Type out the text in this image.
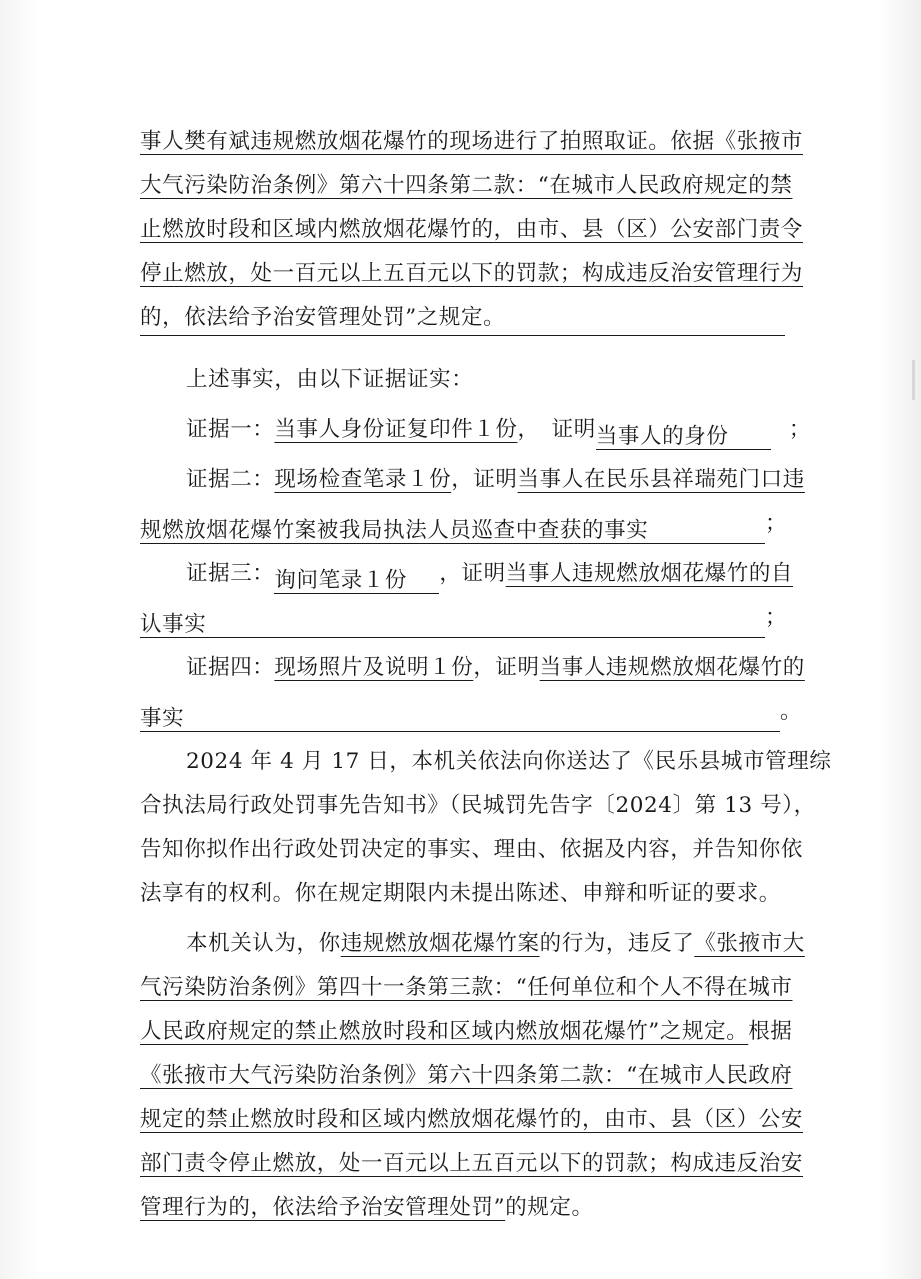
事人樊有斌违规燃放烟花爆竹的现场进行了拍照取证。依据《张掖市
大气污染防治条例》第六十四条第二款：“在城市人民政府规定的禁
止燃放时段和区域内燃放烟花爆竹的，由市、县（区）公安部门责令
停止燃放，处一百元以上五百元以下的罚款；构成违反治安管理行为
的，依法给予治安管理处罚”之规定。
上述事实，由以下证据证实：
证据一：当事人身份证复印件１份， 证明当事人的身份	；
证据二：现场检查笔录１份，证明当事人在民乐县祥瑞苑门口违
规燃放烟花爆竹案被我局执法人员巡查中查获的事实	；
证据三：询问笔录１份 ，证明当事人违规燃放烟花爆竹的自
认事实	；
证据四：现场照片及说明１份，证明当事人违规燃放烟花爆竹的
事实	。
2024 年 4 月 17 日，本机关依法向你送达了《民乐县城市管理综
合执法局行政处罚事先告知书》（民城罚先告字〔2024〕第 13 号），
告知你拟作出行政处罚决定的事实、理由、依据及内容，并告知你依
法享有的权利。你在规定期限内未提出陈述、申辩和听证的要求。
本机关认为，你违规燃放烟花爆竹案的行为，违反了《张掖市大
气污染防治条例》第四十一条第三款：“任何单位和个人不得在城市
人民政府规定的禁止燃放时段和区域内燃放烟花爆竹”之规定。根据
《张掖市大气污染防治条例》第六十四条第二款：“在城市人民政府
规定的禁止燃放时段和区域内燃放烟花爆竹的，由市、县（区）公安
部门责令停止燃放，处一百元以上五百元以下的罚款；构成违反治安
管理行为的，依法给予治安管理处罚”的规定。
